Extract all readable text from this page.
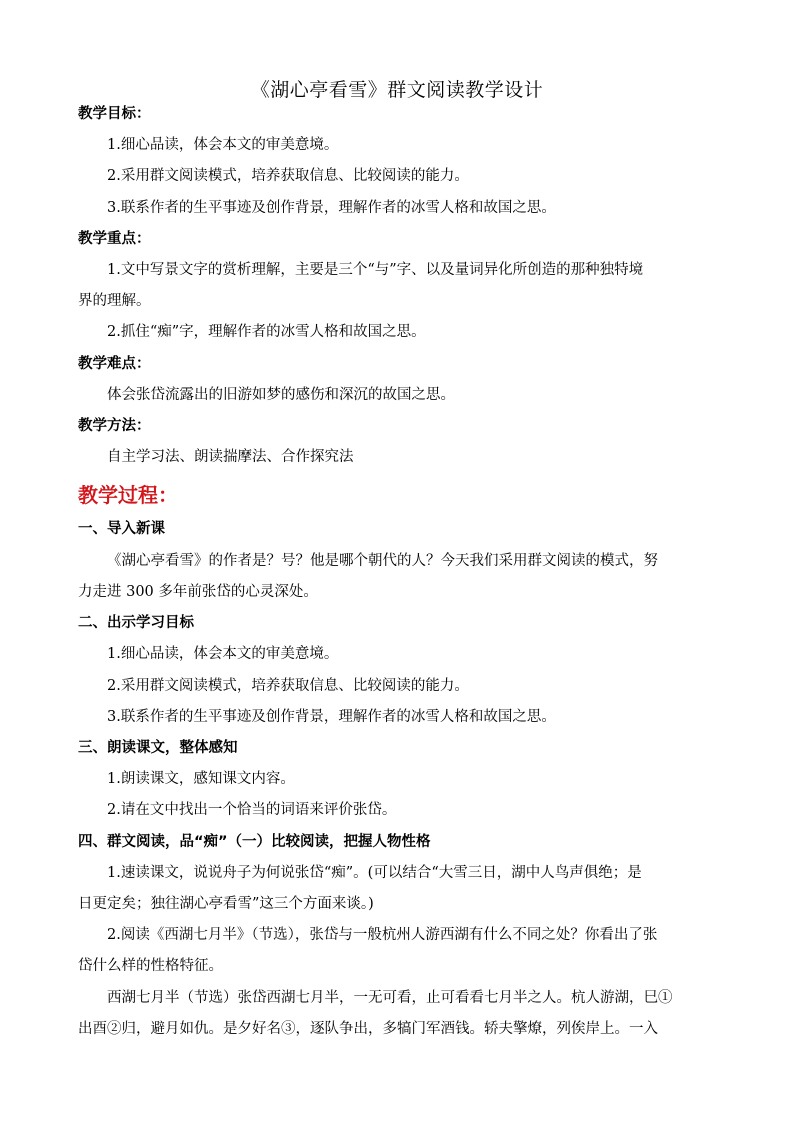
《湖心亭看雪》群文阅读教学设计
教学目标：
1.细心品读，体会本文的审美意境。
2.采用群文阅读模式，培养获取信息、比较阅读的能力。
3.联系作者的生平事迹及创作背景，理解作者的冰雪人格和故国之思。
教学重点：
1.文中写景文字的赏析理解，主要是三个“与”字、以及量词异化所创造的那种独特境
界的理解。
2.抓住“痴”字，理解作者的冰雪人格和故国之思。
教学难点：
体会张岱流露出的旧游如梦的感伤和深沉的故国之思。
教学方法：
自主学习法、朗读揣摩法、合作探究法
教学过程：
一、导入新课
《湖心亭看雪》的作者是？号？他是哪个朝代的人？今天我们采用群文阅读的模式，努
力走进 300 多年前张岱的心灵深处。
二、出示学习目标
1.细心品读，体会本文的审美意境。
2.采用群文阅读模式，培养获取信息、比较阅读的能力。
3.联系作者的生平事迹及创作背景，理解作者的冰雪人格和故国之思。
三、朗读课文，整体感知
1.朗读课文，感知课文内容。
2.请在文中找出一个恰当的词语来评价张岱。
四、群文阅读，品“痴”（一）比较阅读，把握人物性格
1.速读课文，说说舟子为何说张岱“痴”。(可以结合“大雪三日，湖中人鸟声俱绝；是
日更定矣；独往湖心亭看雪”这三个方面来谈。)
2.阅读《西湖七月半》（节选），张岱与一般杭州人游西湖有什么不同之处？你看出了张
岱什么样的性格特征。
西湖七月半（节选）张岱西湖七月半，一无可看，止可看看七月半之人。杭人游湖，巳①
出酉②归，避月如仇。是夕好名③，逐队争出，多犒门军酒钱。轿夫擎燎，列俟岸上。一入
